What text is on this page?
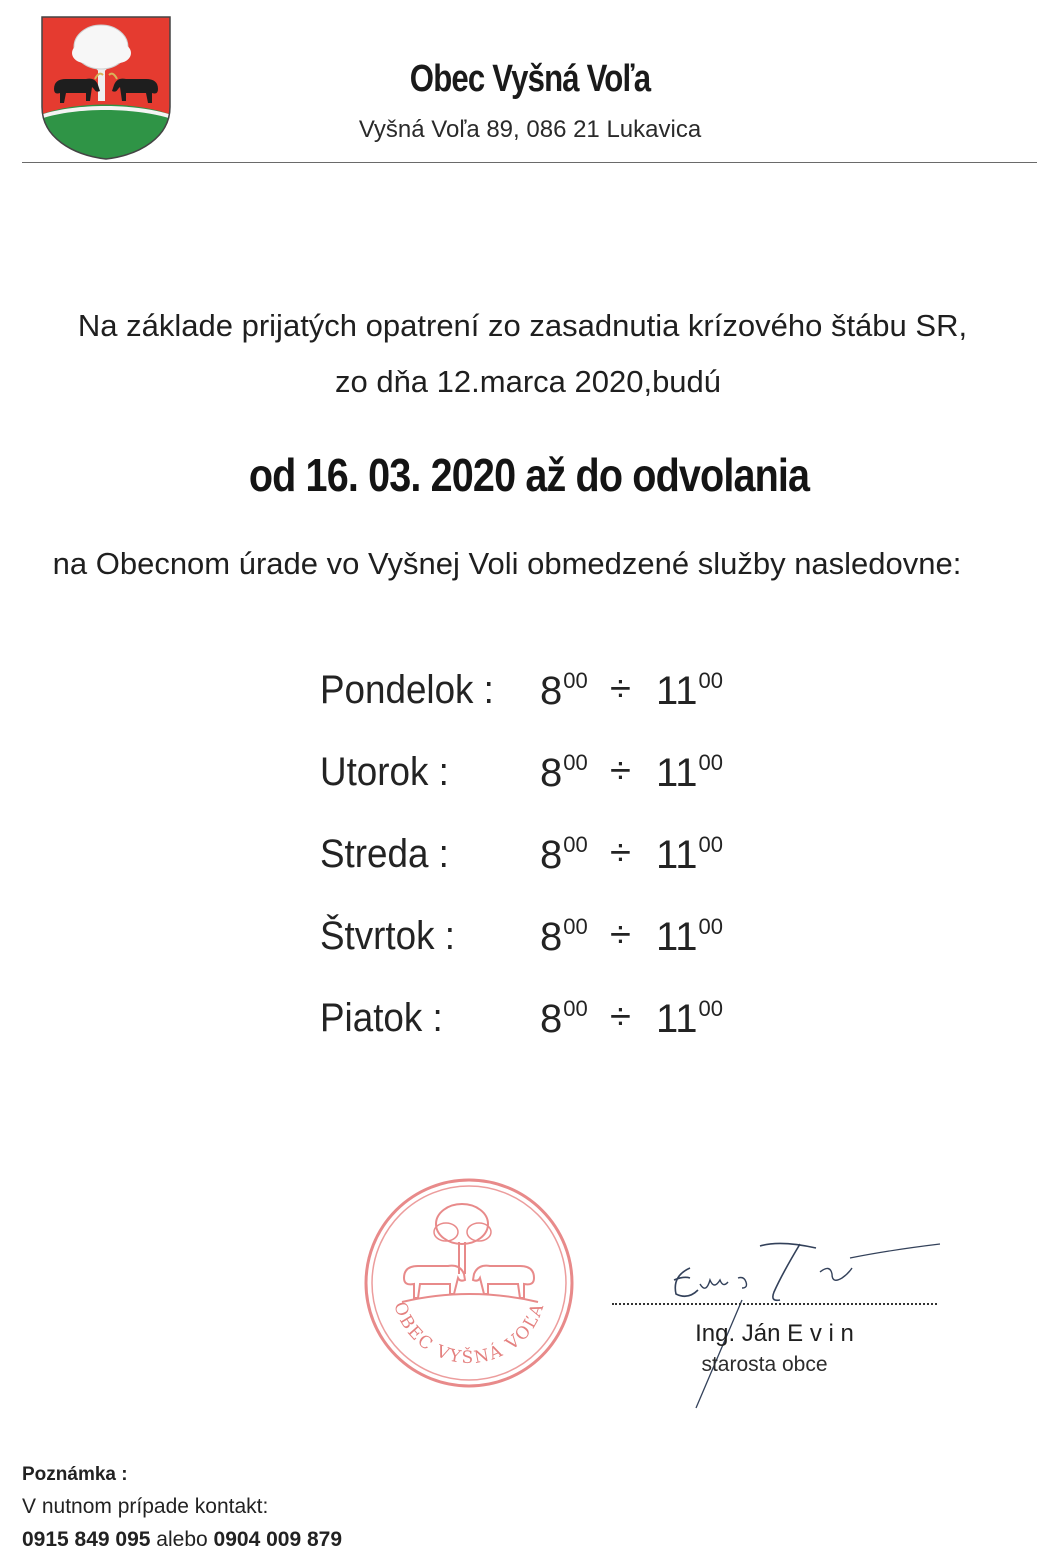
Obec Vyšná Voľa
Vyšná Voľa 89, 086 21 Lukavica
Na základe prijatých opatrení zo zasadnutia krízového štábu SR,
zo dňa 12.marca 2020,budú
od 16. 03. 2020 až do odvolania
na Obecnom úrade vo Vyšnej Voli obmedzené služby nasledovne:
Pondelok : $8^{00} \div 11^{00}$
Utorok : $8^{00} \div 11^{00}$
Streda : $8^{00} \div 11^{00}$
Štvrtok : $8^{00} \div 11^{00}$
Piatok : $8^{00} \div 11^{00}$
OBEC VYŠNÁ VOĽA
Ing. Ján E v i n
starosta obce
Poznámka :
V nutnom prípade kontakt:
0915 849 095 alebo 0904 009 879
